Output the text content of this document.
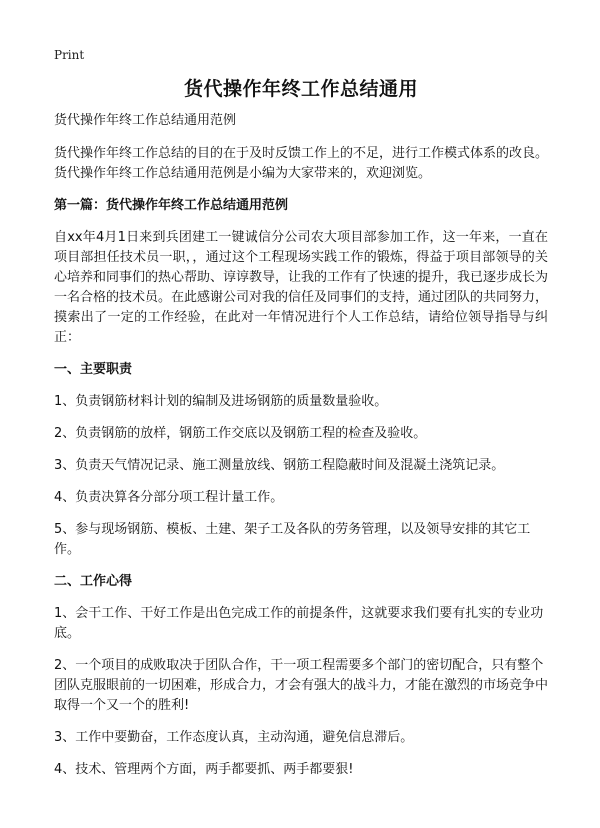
Print
货代操作年终工作总结通用
货代操作年终工作总结通用范例
货代操作年终工作总结的目的在于及时反馈工作上的不足，进行工作模式体系的改良。货代操作年终工作总结通用范例是小编为大家带来的，欢迎浏览。
第一篇：货代操作年终工作总结通用范例
自xx年4月1日来到兵团建工一键诚信分公司农大项目部参加工作，这一年来，一直在项目部担任技术员一职，，通过这个工程现场实践工作的锻炼，得益于项目部领导的关心培养和同事们的热心帮助、谆谆教导，让我的工作有了快速的提升，我已逐步成长为一名合格的技术员。在此感谢公司对我的信任及同事们的支持，通过团队的共同努力，摸索出了一定的工作经验，在此对一年情况进行个人工作总结，请给位领导指导与纠正：
一、主要职责
1、负责钢筋材料计划的编制及进场钢筋的质量数量验收。
2、负责钢筋的放样，钢筋工作交底以及钢筋工程的检查及验收。
3、负责天气情况记录、施工测量放线、钢筋工程隐蔽时间及混凝土浇筑记录。
4、负责决算各分部分项工程计量工作。
5、参与现场钢筋、模板、土建、架子工及各队的劳务管理，以及领导安排的其它工作。
二、工作心得
1、会干工作、干好工作是出色完成工作的前提条件，这就要求我们要有扎实的专业功底。
2、一个项目的成败取决于团队合作，干一项工程需要多个部门的密切配合，只有整个团队克服眼前的一切困难，形成合力，才会有强大的战斗力，才能在激烈的市场竞争中取得一个又一个的胜利!
3、工作中要勤奋，工作态度认真，主动沟通，避免信息滞后。
4、技术、管理两个方面，两手都要抓、两手都要狠!
